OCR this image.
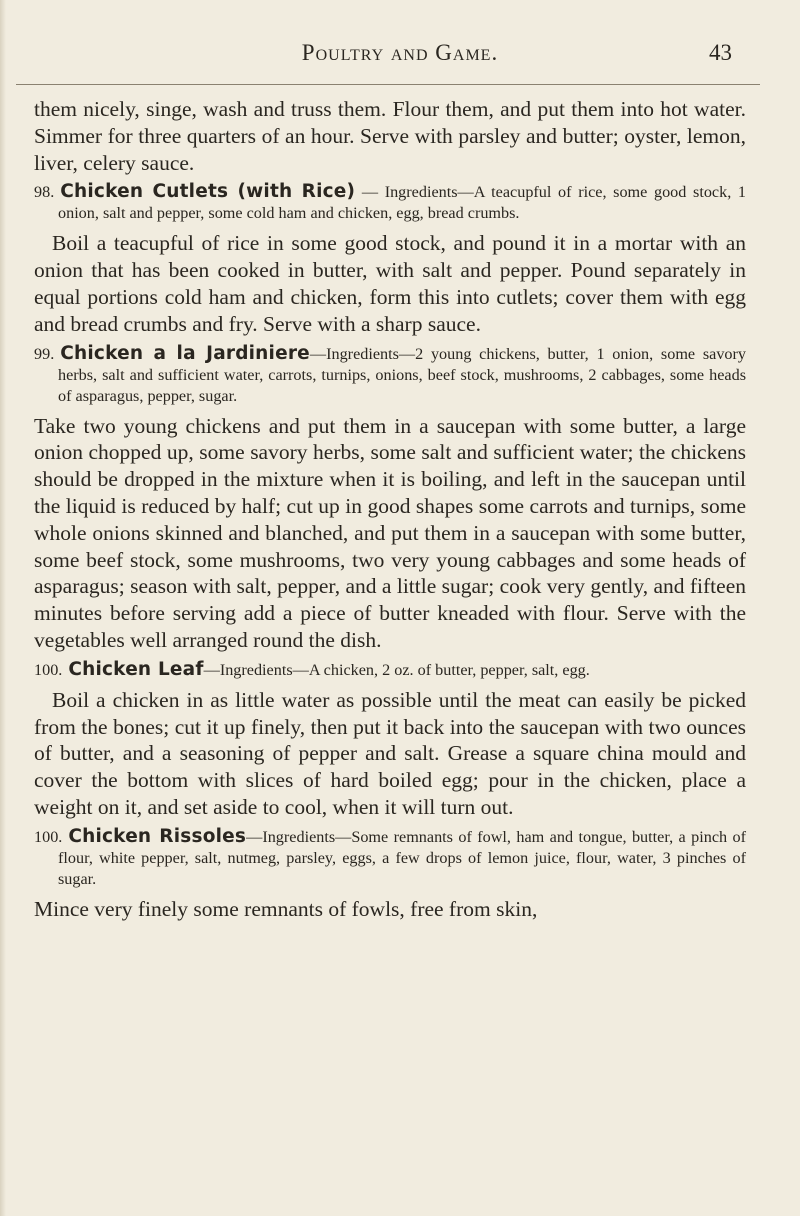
Poultry and Game.	43

them nicely, singe, wash and truss them. Flour them, and put them into hot water. Simmer for three quarters of an hour. Serve with parsley and butter; oyster, lemon, liver, celery sauce.

98. Chicken Cutlets (with Rice) — Ingredients—A teacupful of rice, some good stock, 1 onion, salt and pepper, some cold ham and chicken, egg, bread crumbs.

Boil a teacupful of rice in some good stock, and pound it in a mortar with an onion that has been cooked in butter, with salt and pepper. Pound separately in equal portions cold ham and chicken, form this into cutlets; cover them with egg and bread crumbs and fry. Serve with a sharp sauce.

99. Chicken a la Jardiniere—Ingredients—2 young chickens, butter, 1 onion, some savory herbs, salt and sufficient water, carrots, turnips, onions, beef stock, mushrooms, 2 cabbages, some heads of asparagus, pepper, sugar.

Take two young chickens and put them in a saucepan with some butter, a large onion chopped up, some savory herbs, some salt and sufficient water; the chickens should be dropped in the mixture when it is boiling, and left in the saucepan until the liquid is reduced by half; cut up in good shapes some carrots and turnips, some whole onions skinned and blanched, and put them in a saucepan with some butter, some beef stock, some mushrooms, two very young cabbages and some heads of asparagus; season with salt, pepper, and a little sugar; cook very gently, and fifteen minutes before serving add a piece of butter kneaded with flour. Serve with the vegetables well arranged round the dish.

100. Chicken Leaf—Ingredients—A chicken, 2 oz. of butter, pepper, salt, egg.

Boil a chicken in as little water as possible until the meat can easily be picked from the bones; cut it up finely, then put it back into the saucepan with two ounces of butter, and a seasoning of pepper and salt. Grease a square china mould and cover the bottom with slices of hard boiled egg; pour in the chicken, place a weight on it, and set aside to cool, when it will turn out.

100. Chicken Rissoles—Ingredients—Some remnants of fowl, ham and tongue, butter, a pinch of flour, white pepper, salt, nutmeg, parsley, eggs, a few drops of lemon juice, flour, water, 3 pinches of sugar.

Mince very finely some remnants of fowls, free from skin,
